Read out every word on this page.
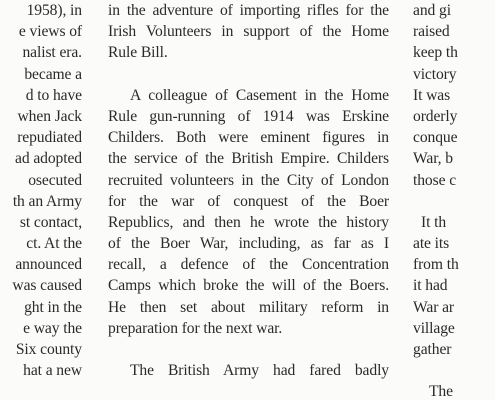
1958), in
e views of
nalist era.
became a
d to have
when Jack
repudiated
ad adopted
osecuted
th an Army
st contact,
ct. At the
announced
was caused
ght in the
e way the
Six county
hat a new
in the adventure of importing rifles for the
Irish Volunteers in support of the Home
Rule Bill.
A colleague of Casement in the Home
Rule gun-running of 1914 was Erskine
Childers. Both were eminent figures in
the service of the British Empire. Childers
recruited volunteers in the City of London
for the war of conquest of the Boer
Republics, and then he wrote the history
of the Boer War, including, as far as I
recall, a defence of the Concentration
Camps which broke the will of the Boers.
He then set about military reform in
preparation for the next war.
The British Army had fared badly
and gi
raised
keep th
victory
It was
orderly
conque
War, b
those c
It th
ate its
from th
it had
War ar
village
gather
The
